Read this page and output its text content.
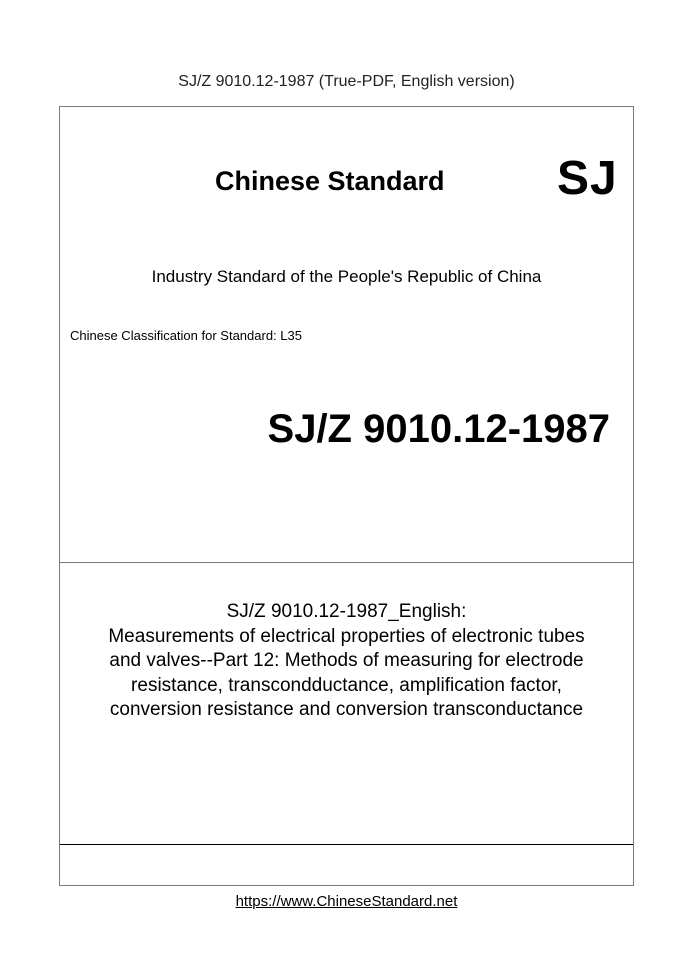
SJ/Z 9010.12-1987 (True-PDF, English version)
Chinese Standard SJ
Industry Standard of the People's Republic of China
Chinese Classification for Standard: L35
SJ/Z 9010.12-1987
SJ/Z 9010.12-1987_English:
Measurements of electrical properties of electronic tubes
and valves--Part 12: Methods of measuring for electrode
resistance, transcondductance, amplification factor,
conversion resistance and conversion transconductance
https://www.ChineseStandard.net
